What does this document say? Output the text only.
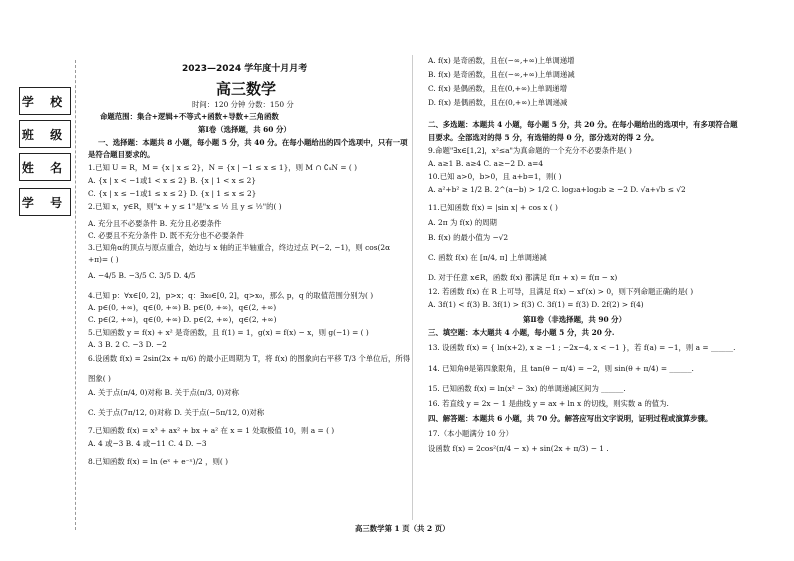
学 校
班 级
姓 名
学 号
2023—2024 学年度十月月考
高三数学
时间：120 分钟 分数：150 分
命题范围：集合+逻辑+不等式+函数+导数+三角函数
第Ⅰ卷（选择题，共 60 分）
一、选择题：本题共 8 小题，每小题 5 分，共 40 分。在每小题给出的四个选项中，只有一项
是符合题目要求的。
1.已知 U = R，M = {x | x ≤ 2}，N = {x | −1 ≤ x ≤ 1}，则 M ∩ ∁ᵤN = ( )
A. {x | x < −1或1 < x ≤ 2} B. {x | 1 < x ≤ 2}
C. {x | x ≤ −1或1 ≤ x ≤ 2} D. {x | 1 ≤ x ≤ 2}
2.已知 x，y∈R，则"x + y ≤ 1"是"x ≤ ½ 且 y ≤ ½"的( )
A. 充分且不必要条件 B. 充分且必要条件
C. 必要且不充分条件 D. 既不充分也不必要条件
3.已知角α的顶点与原点重合，始边与 x 轴的正半轴重合，终边过点 P(−2, −1)，则 cos(2α
+π)= ( )
A. −4/5 B. −3/5 C. 3/5 D. 4/5
4.已知 p：∀x∈[0, 2]，p>x；q：∃x₀∈[0, 2]，q>x₀，那么 p，q 的取值范围分别为( )
A. p∈(0, +∞)，q∈(0, +∞) B. p∈(0, +∞)，q∈(2, +∞)
C. p∈(2, +∞)，q∈(0, +∞) D. p∈(2, +∞)，q∈(2, +∞)
5.已知函数 y = f(x) + x² 是奇函数，且 f(1) = 1，g(x) = f(x) − x，则 g(−1) = ( )
A. 3 B. 2 C. −3 D. −2
6.设函数 f(x) = 2sin(2x + π/6) 的最小正周期为 T，将 f(x) 的图象向右平移 T/3 个单位后，所得
图象( )
A. 关于点(π/4, 0)对称 B. 关于点(π/3, 0)对称
C. 关于点(7π/12, 0)对称 D. 关于点(−5π/12, 0)对称
7.已知函数 f(x) = x³ + ax² + bx + a² 在 x = 1 处取极值 10，则 a = ( )
A. 4 或−3 B. 4 或−11 C. 4 D. −3
8.已知函数 f(x) = ln (eˣ + e⁻ˣ)/2 ，则( )
A. f(x) 是奇函数，且在(−∞,+∞)上单调递增
B. f(x) 是奇函数，且在(−∞,+∞)上单调递减
C. f(x) 是偶函数，且在(0,+∞)上单调递增
D. f(x) 是偶函数，且在(0,+∞)上单调递减
二、多选题：本题共 4 小题，每小题 5 分，共 20 分。在每小题给出的选项中，有多项符合题
目要求。全部选对的得 5 分，有选错的得 0 分，部分选对的得 2 分。
9.命题"∃x∈[1,2]，x²≤a"为真命题的一个充分不必要条件是( )
A. a≥1 B. a≥4 C. a≥−2 D. a=4
10.已知 a>0，b>0，且 a+b=1，则( )
A. a²+b² ≥ 1/2 B. 2^(a−b) > 1/2 C. log₂a+log₂b ≥ −2 D. √a+√b ≤ √2
11.已知函数 f(x) = |sin x| + cos x ( )
A. 2π 为 f(x) 的周期
B. f(x) 的最小值为 −√2
C. 函数 f(x) 在 [π/4, π] 上单调递减
D. 对于任意 x∈R，函数 f(x) 都满足 f(π + x) = f(π − x)
12. 若函数 f(x) 在 R 上可导，且满足 f(x) − xf′(x) > 0，则下列命题正确的是( )
A. 3f(1) < f(3) B. 3f(1) > f(3) C. 3f(1) = f(3) D. 2f(2) > f(4)
第Ⅱ卷（非选择题，共 90 分）
三、填空题：本大题共 4 小题，每小题 5 分，共 20 分.
13. 设函数 f(x) = { ln(x+2), x ≥ −1 ; −2x−4, x < −1 }，若 f(a) = −1，则 a = ______.
14. 已知角θ是第四象限角，且 tan(θ − π/4) = −2，则 sin(θ + π/4) = ______.
15. 已知函数 f(x) = ln(x² − 3x) 的单调递减区间为 ______.
16. 若直线 y = 2x − 1 是曲线 y = ax + ln x 的切线，则实数 a 的值为.
四、解答题：本题共 6 小题，共 70 分。解答应写出文字说明，证明过程或演算步骤。
17.（本小题满分 10 分）
设函数 f(x) = 2cos²(π/4 − x) + sin(2x + π/3) − 1 .
高三数学第 1 页（共 2 页）
